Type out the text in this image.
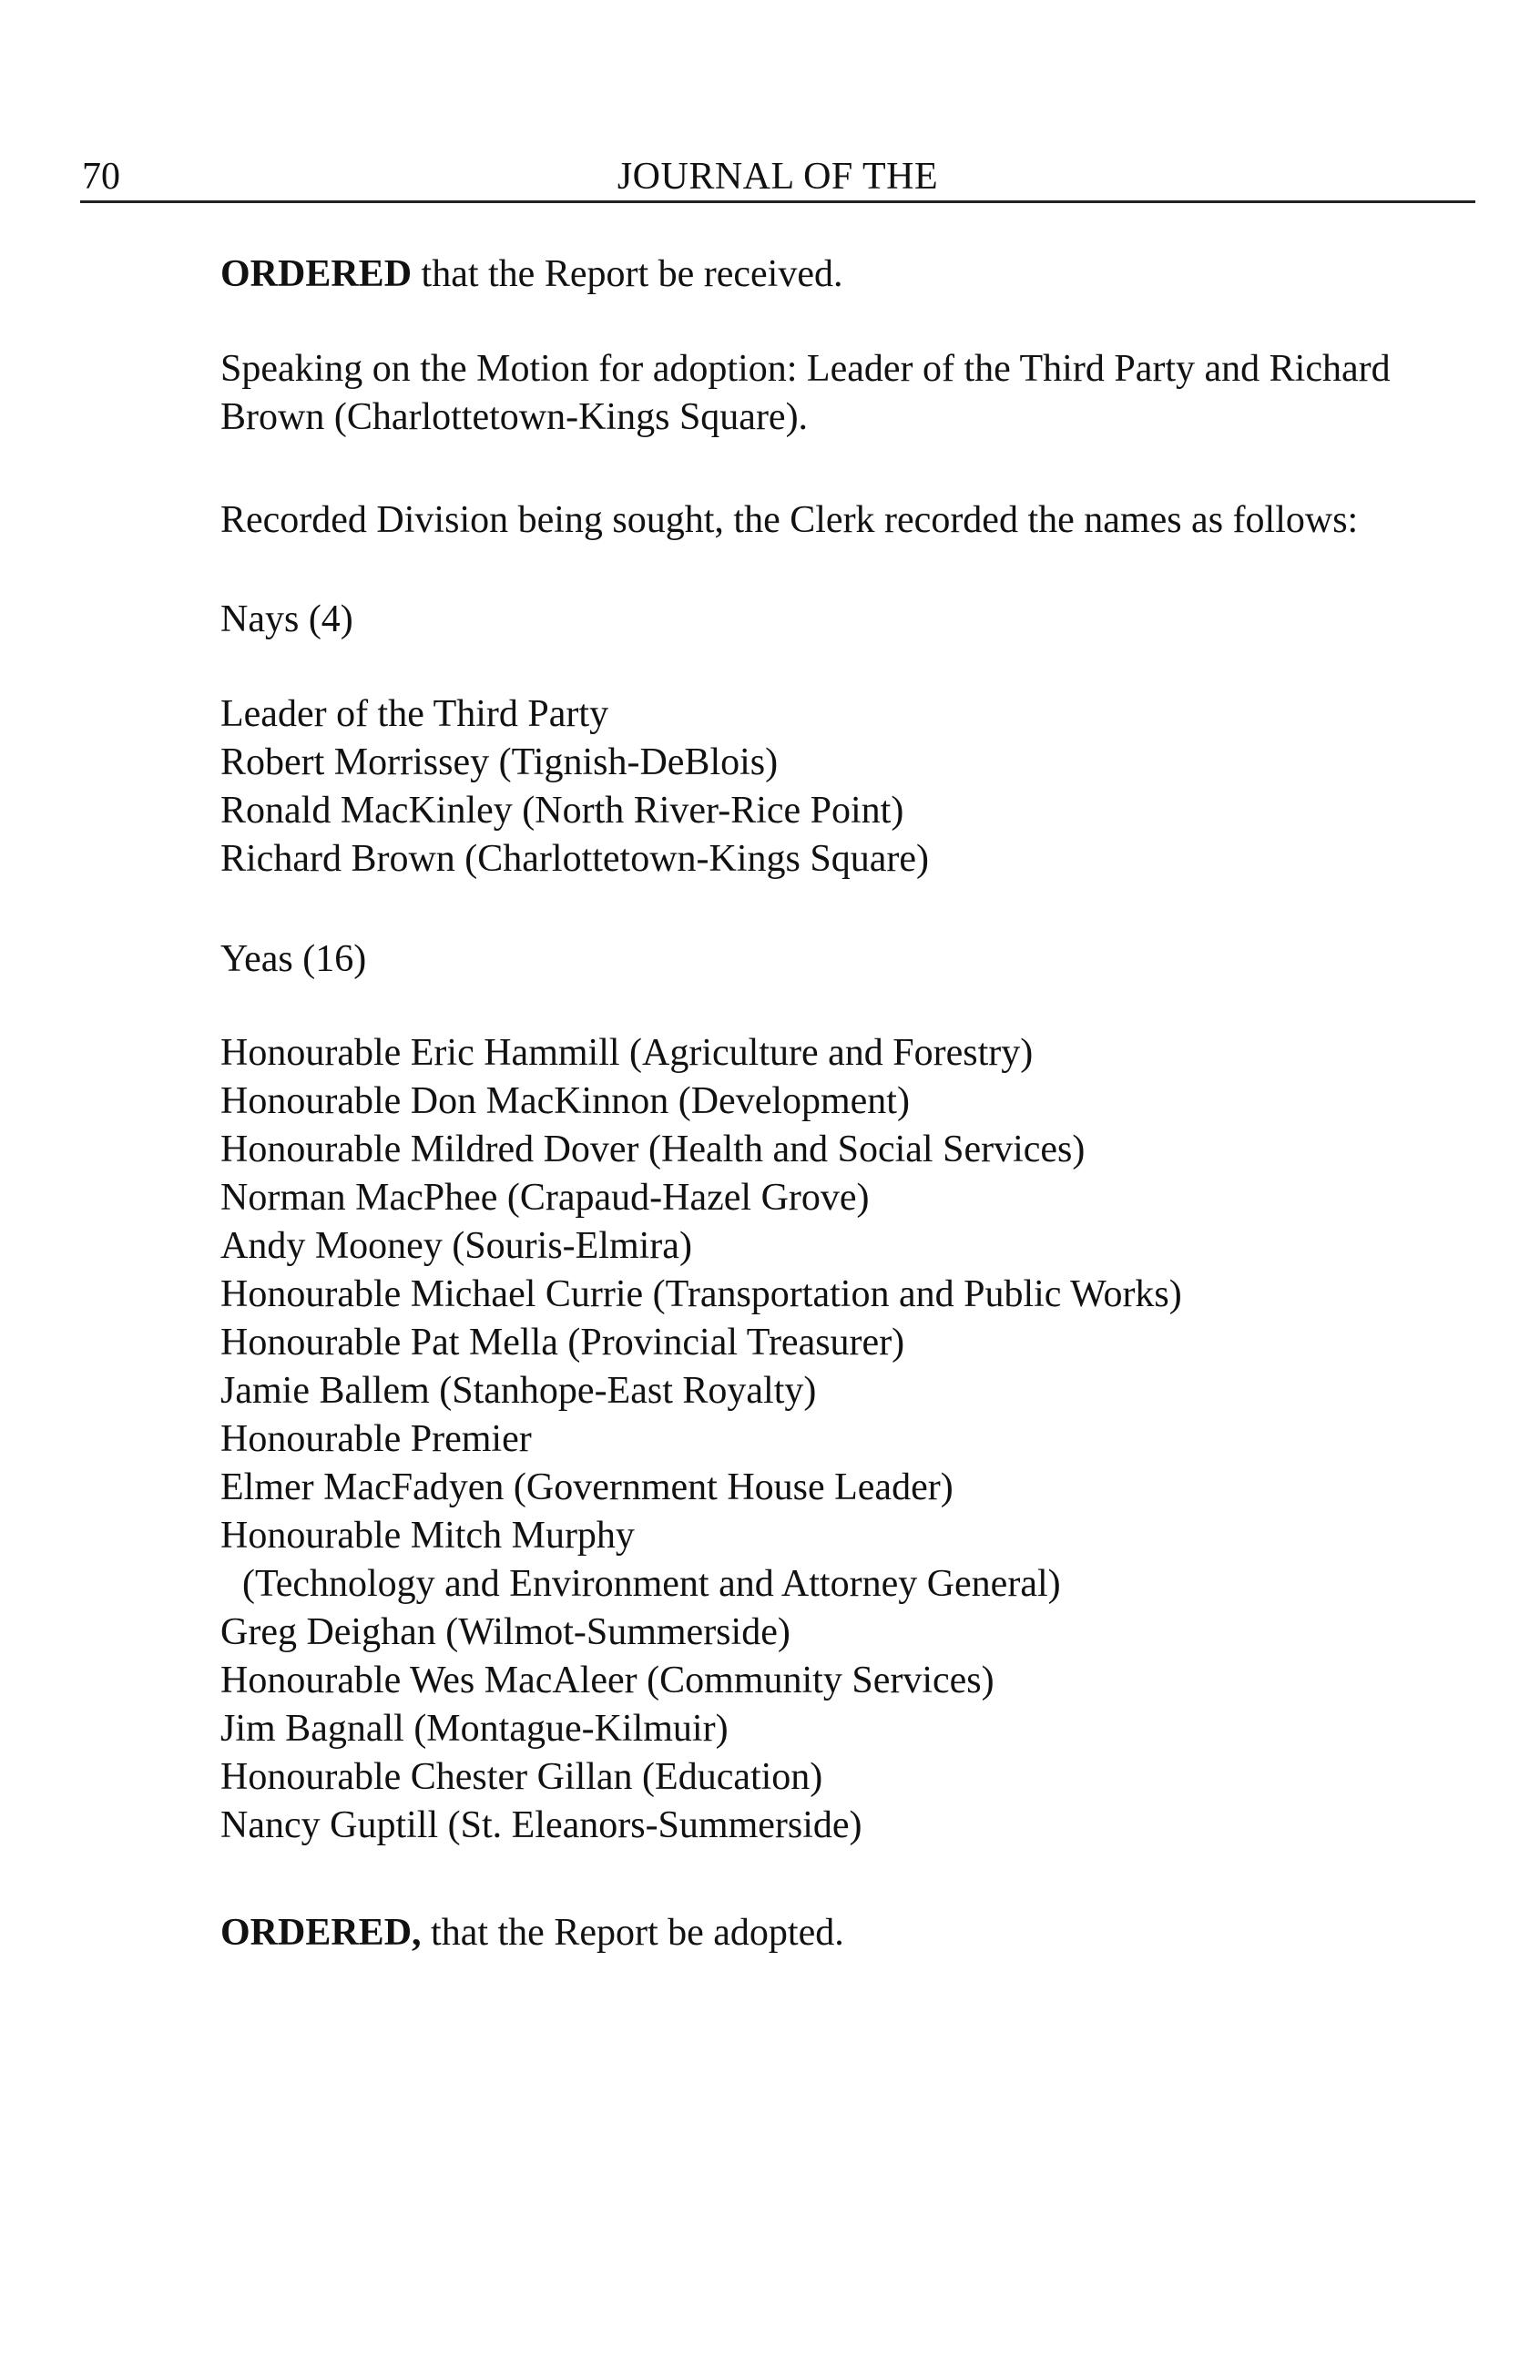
70	JOURNAL OF THE
ORDERED that the Report be received.
Speaking on the Motion for adoption: Leader of the Third Party and Richard
Brown (Charlottetown-Kings Square).
Recorded Division being sought, the Clerk recorded the names as follows:
Nays (4)
Leader of the Third Party
Robert Morrissey (Tignish-DeBlois)
Ronald MacKinley (North River-Rice Point)
Richard Brown (Charlottetown-Kings Square)
Yeas (16)
Honourable Eric Hammill (Agriculture and Forestry)
Honourable Don MacKinnon (Development)
Honourable Mildred Dover (Health and Social Services)
Norman MacPhee (Crapaud-Hazel Grove)
Andy Mooney (Souris-Elmira)
Honourable Michael Currie (Transportation and Public Works)
Honourable Pat Mella (Provincial Treasurer)
Jamie Ballem (Stanhope-East Royalty)
Honourable Premier
Elmer MacFadyen (Government House Leader)
Honourable Mitch Murphy
(Technology and Environment and Attorney General)
Greg Deighan (Wilmot-Summerside)
Honourable Wes MacAleer (Community Services)
Jim Bagnall (Montague-Kilmuir)
Honourable Chester Gillan (Education)
Nancy Guptill (St. Eleanors-Summerside)
ORDERED, that the Report be adopted.
